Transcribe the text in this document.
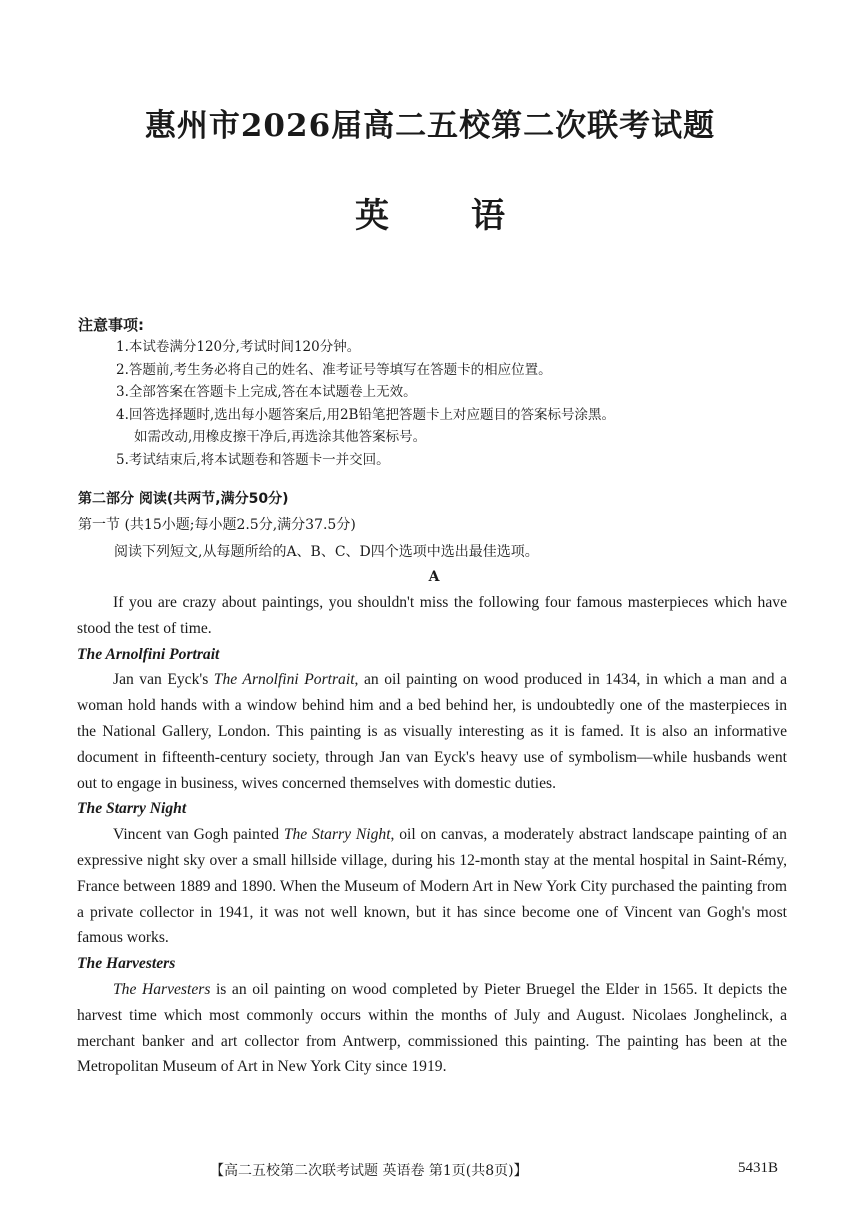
惠州市2026届高二五校第二次联考试题
英 语
注意事项:
1.本试卷满分120分,考试时间120分钟。
2.答题前,考生务必将自己的姓名、准考证号等填写在答题卡的相应位置。
3.全部答案在答题卡上完成,答在本试题卷上无效。
4.回答选择题时,选出每小题答案后,用2B铅笔把答题卡上对应题目的答案标号涂黑。
如需改动,用橡皮擦干净后,再选涂其他答案标号。
5.考试结束后,将本试题卷和答题卡一并交回。
第二部分 阅读(共两节,满分50分)
第一节 (共15小题;每小题2.5分,满分37.5分)
阅读下列短文,从每题所给的A、B、C、D四个选项中选出最佳选项。
A

If you are crazy about paintings, you shouldn't miss the following four famous masterpieces which have stood the test of time.

The Arnolfini Portrait

Jan van Eyck's The Arnolfini Portrait, an oil painting on wood produced in 1434, in which a man and a woman hold hands with a window behind him and a bed behind her, is undoubtedly one of the masterpieces in the National Gallery, London. This painting is as visually interesting as it is famed. It is also an informative document in fifteenth-century society, through Jan van Eyck's heavy use of symbolism—while husbands went out to engage in business, wives concerned themselves with domestic duties.

The Starry Night

Vincent van Gogh painted The Starry Night, oil on canvas, a moderately abstract landscape painting of an expressive night sky over a small hillside village, during his 12-month stay at the mental hospital in Saint-Rémy, France between 1889 and 1890. When the Museum of Modern Art in New York City purchased the painting from a private collector in 1941, it was not well known, but it has since become one of Vincent van Gogh's most famous works.

The Harvesters

The Harvesters is an oil painting on wood completed by Pieter Bruegel the Elder in 1565. It depicts the harvest time which most commonly occurs within the months of July and August. Nicolaes Jonghelinck, a merchant banker and art collector from Antwerp, commissioned this painting. The painting has been at the Metropolitan Museum of Art in New York City since 1919.

【高二五校第二次联考试题 英语卷 第1页(共8页)】	5431B
